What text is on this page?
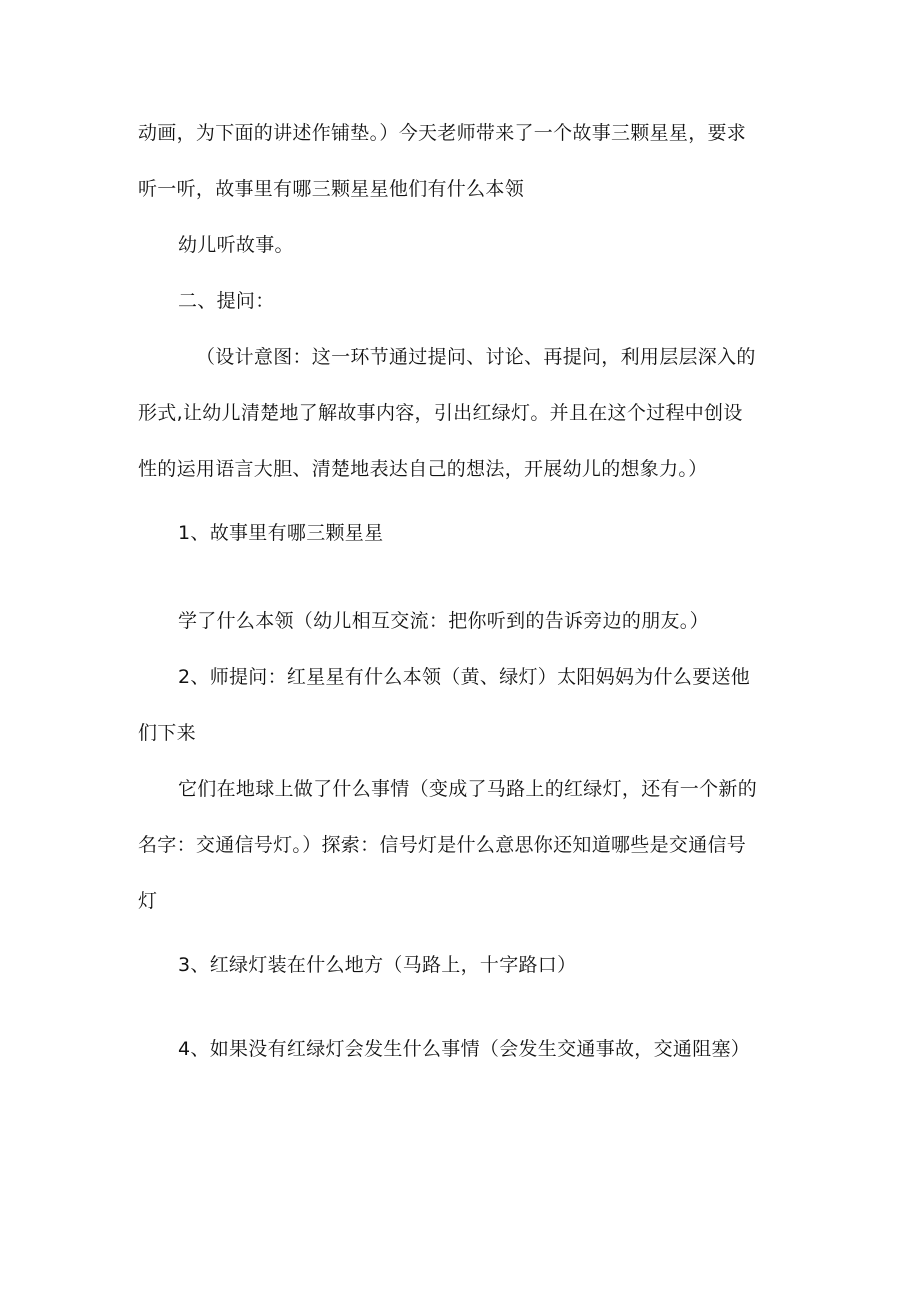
动画，为下面的讲述作铺垫。）今天老师带来了一个故事三颗星星，要求
听一听，故事里有哪三颗星星他们有什么本领
幼儿听故事。
二、提问：
（设计意图：这一环节通过提问、讨论、再提问，利用层层深入的
形式,让幼儿清楚地了解故事内容，引出红绿灯。并且在这个过程中创设
性的运用语言大胆、清楚地表达自己的想法，开展幼儿的想象力。）
1、故事里有哪三颗星星
学了什么本领（幼儿相互交流：把你听到的告诉旁边的朋友。）
2、师提问：红星星有什么本领（黄、绿灯）太阳妈妈为什么要送他
们下来
它们在地球上做了什么事情（变成了马路上的红绿灯，还有一个新的
名字：交通信号灯。）探索：信号灯是什么意思你还知道哪些是交通信号
灯
3、红绿灯装在什么地方（马路上，十字路口）
4、如果没有红绿灯会发生什么事情（会发生交通事故，交通阻塞）
